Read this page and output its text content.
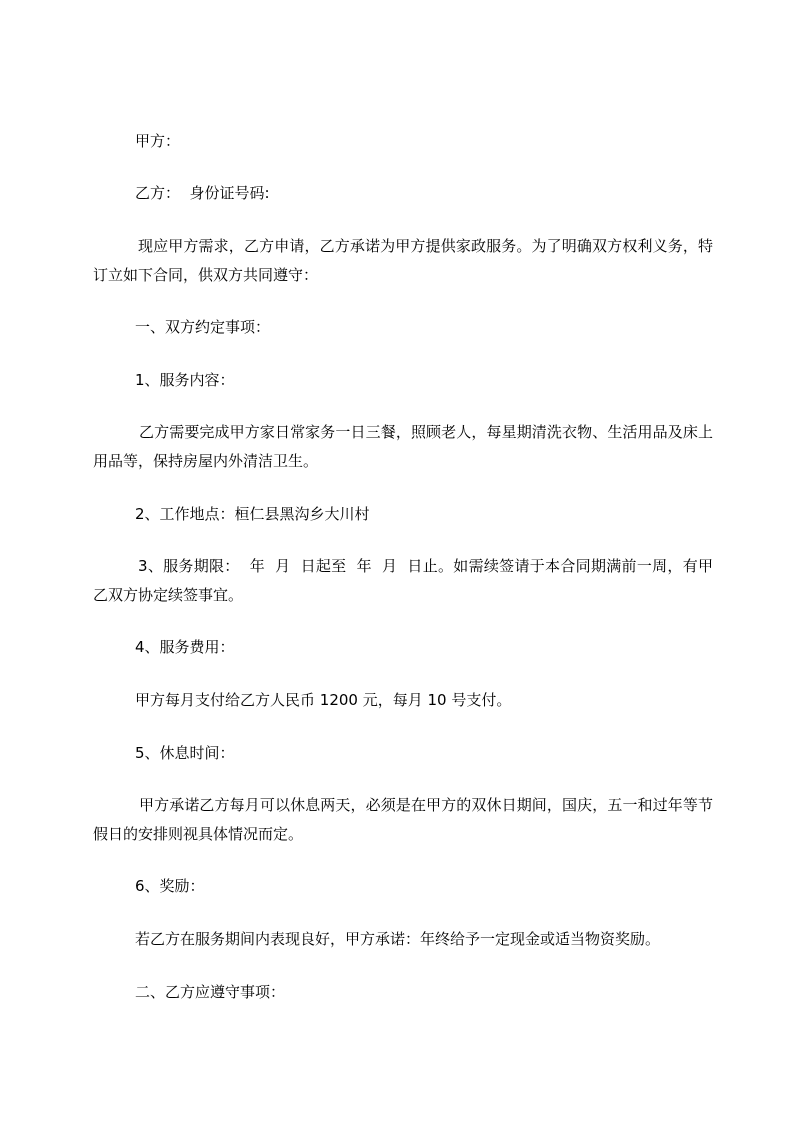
甲方：

乙方：  身份证号码:

现应甲方需求，乙方申请，乙方承诺为甲方提供家政服务。为了明确双方权利义务，特订立如下合同，供双方共同遵守：

一、双方约定事项：

1、服务内容：

乙方需要完成甲方家日常家务一日三餐，照顾老人，每星期清洗衣物、生活用品及床上用品等，保持房屋内外清洁卫生。

2、工作地点：桓仁县黑沟乡大川村

3、服务期限：  年  月  日起至  年  月  日止。如需续签请于本合同期满前一周，有甲乙双方协定续签事宜。

4、服务费用：

甲方每月支付给乙方人民币 1200 元，每月 10 号支付。

5、休息时间：

甲方承诺乙方每月可以休息两天，必须是在甲方的双休日期间，国庆，五一和过年等节假日的安排则视具体情况而定。

6、奖励：

若乙方在服务期间内表现良好，甲方承诺：年终给予一定现金或适当物资奖励。

二、乙方应遵守事项：
